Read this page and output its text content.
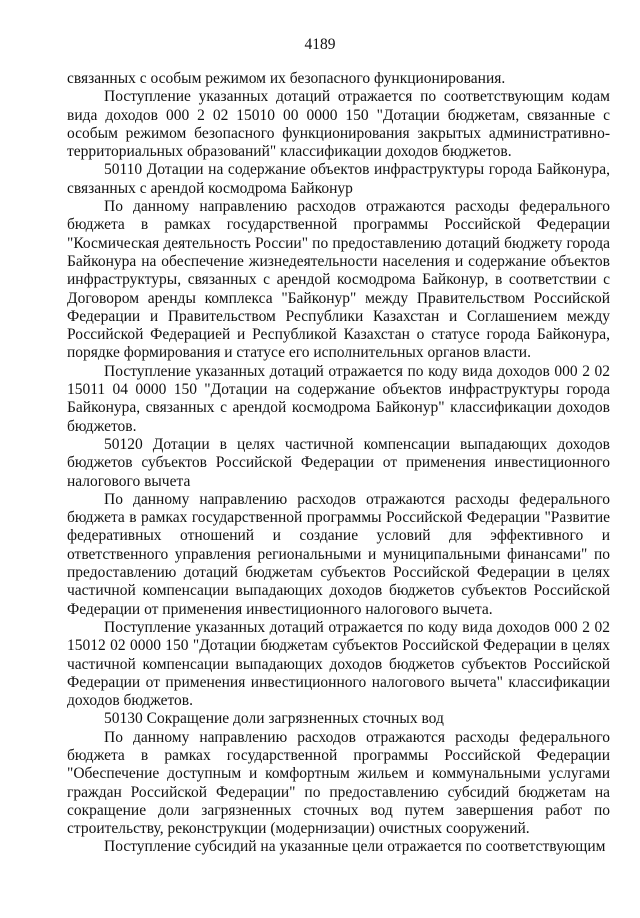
4189

связанных с особым режимом их безопасного функционирования.

Поступление указанных дотаций отражается по соответствующим кодам вида доходов 000 2 02 15010 00 0000 150 "Дотации бюджетам, связанные с особым режимом безопасного функционирования закрытых административно-территориальных образований" классификации доходов бюджетов.

50110 Дотации на содержание объектов инфраструктуры города Байконура, связанных с арендой космодрома Байконур

По данному направлению расходов отражаются расходы федерального бюджета в рамках государственной программы Российской Федерации "Космическая деятельность России" по предоставлению дотаций бюджету города Байконура на обеспечение жизнедеятельности населения и содержание объектов инфраструктуры, связанных с арендой космодрома Байконур, в соответствии с Договором аренды комплекса "Байконур" между Правительством Российской Федерации и Правительством Республики Казахстан и Соглашением между Российской Федерацией и Республикой Казахстан о статусе города Байконура, порядке формирования и статусе его исполнительных органов власти.

Поступление указанных дотаций отражается по коду вида доходов 000 2 02 15011 04 0000 150 "Дотации на содержание объектов инфраструктуры города Байконура, связанных с арендой космодрома Байконур" классификации доходов бюджетов.

50120 Дотации в целях частичной компенсации выпадающих доходов бюджетов субъектов Российской Федерации от применения инвестиционного налогового вычета

По данному направлению расходов отражаются расходы федерального бюджета в рамках государственной программы Российской Федерации "Развитие федеративных отношений и создание условий для эффективного и ответственного управления региональными и муниципальными финансами" по предоставлению дотаций бюджетам субъектов Российской Федерации в целях частичной компенсации выпадающих доходов бюджетов субъектов Российской Федерации от применения инвестиционного налогового вычета.

Поступление указанных дотаций отражается по коду вида доходов 000 2 02 15012 02 0000 150 "Дотации бюджетам субъектов Российской Федерации в целях частичной компенсации выпадающих доходов бюджетов субъектов Российской Федерации от применения инвестиционного налогового вычета" классификации доходов бюджетов.

50130 Сокращение доли загрязненных сточных вод

По данному направлению расходов отражаются расходы федерального бюджета в рамках государственной программы Российской Федерации "Обеспечение доступным и комфортным жильем и коммунальными услугами граждан Российской Федерации" по предоставлению субсидий бюджетам на сокращение доли загрязненных сточных вод путем завершения работ по строительству, реконструкции (модернизации) очистных сооружений.

Поступление субсидий на указанные цели отражается по соответствующим
